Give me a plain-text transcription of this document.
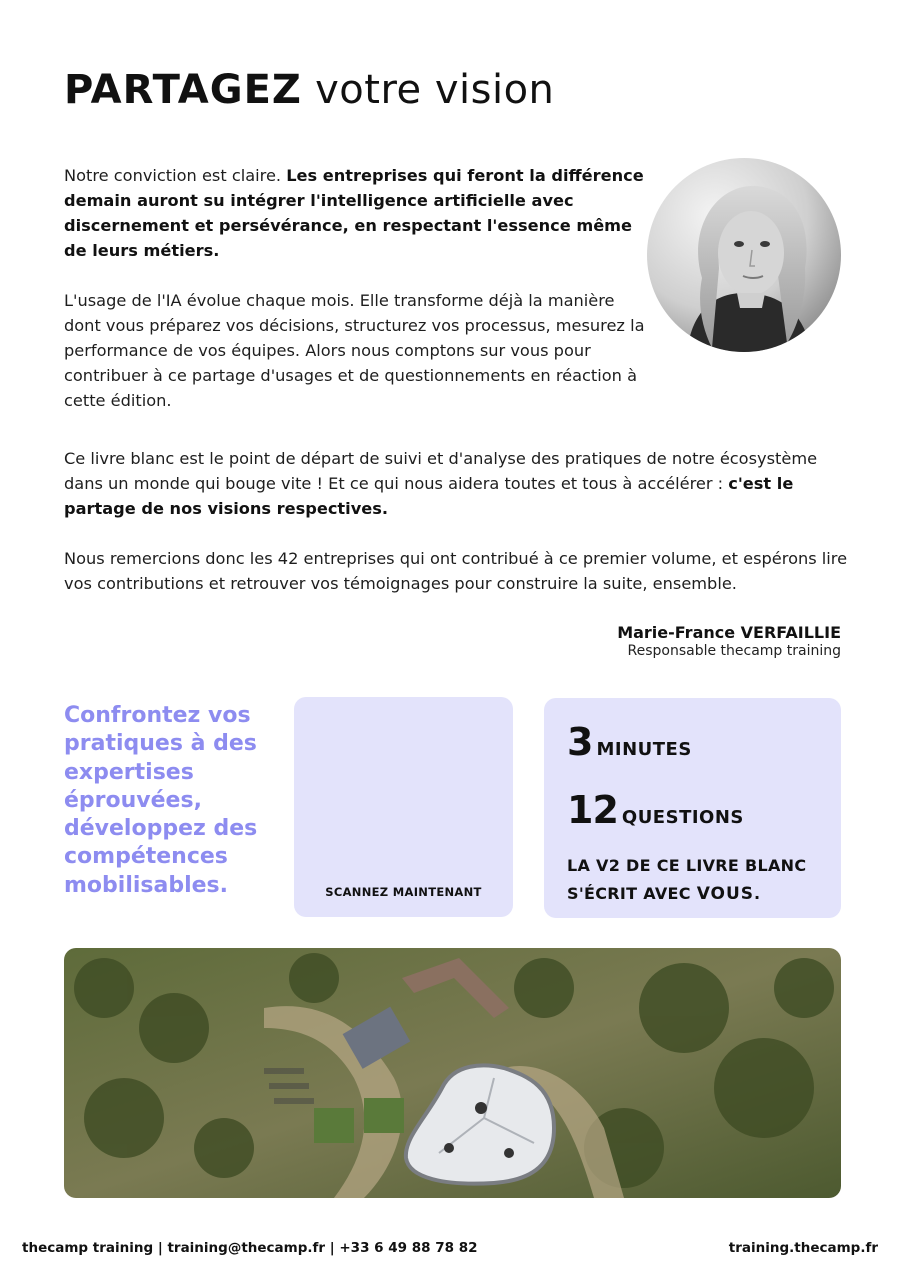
PARTAGEZ votre vision

Notre conviction est claire. Les entreprises qui feront la différence demain auront su intégrer l'intelligence artificielle avec discernement et persévérance, en respectant l'essence même de leurs métiers.

L'usage de l'IA évolue chaque mois. Elle transforme déjà la manière dont vous préparez vos décisions, structurez vos processus, mesurez la performance de vos équipes. Alors nous comptons sur vous pour contribuer à ce partage d'usages et de questionnements en réaction à cette édition.

Ce livre blanc est le point de départ de suivi et d'analyse des pratiques de notre écosystème dans un monde qui bouge vite ! Et ce qui nous aidera toutes et tous à accélérer : c'est le partage de nos visions respectives.

Nous remercions donc les 42 entreprises qui ont contribué à ce premier volume, et espérons lire vos contributions et retrouver vos témoignages pour construire la suite, ensemble.

Marie-France VERFAILLIE
Responsable thecamp training

Confrontez vos pratiques à des expertises éprouvées, développez des compétences mobilisables.	SCANNEZ MAINTENANT
3 MINUTES
12 QUESTIONS
LA V2 DE CE LIVRE BLANC
S'ÉCRIT AVEC VOUS.
thecamp training | training@thecamp.fr | +33 6 49 88 78 82	training.thecamp.fr
